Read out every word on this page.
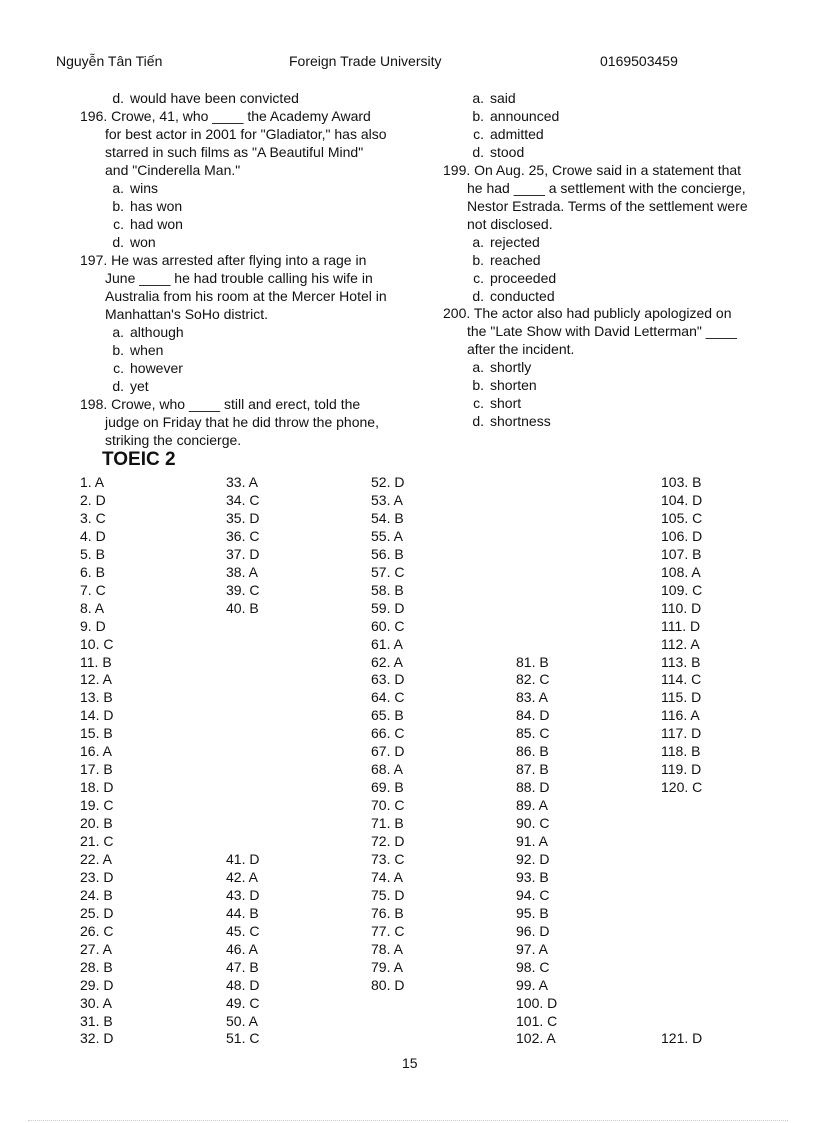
Nguyễn Tân Tiến	Foreign Trade University	0169503459
d. would have been convicted
196. Crowe, 41, who ____ the Academy Award
for best actor in 2001 for "Gladiator," has also
starred in such films as "A Beautiful Mind"
and "Cinderella Man."
a. wins
b. has won
c. had won
d. won
197. He was arrested after flying into a rage in
June ____ he had trouble calling his wife in
Australia from his room at the Mercer Hotel in
Manhattan's SoHo district.
a. although
b. when
c. however
d. yet
198. Crowe, who ____ still and erect, told the
judge on Friday that he did throw the phone,
striking the concierge.
a. said
b. announced
c. admitted
d. stood
199. On Aug. 25, Crowe said in a statement that
he had ____ a settlement with the concierge,
Nestor Estrada. Terms of the settlement were
not disclosed.
a. rejected
b. reached
c. proceeded
d. conducted
200. The actor also had publicly apologized on
the "Late Show with David Letterman" ____
after the incident.
a. shortly
b. shorten
c. short
d. shortness
TOEIC 2
1. A
2. D
3. C
4. D
5. B
6. B
7. C
8. A
9. D
10. C
11. B
12. A
13. B
14. D
15. B
16. A
17. B
18. D
19. C
20. B
21. C
22. A
23. D
24. B
25. D
26. C
27. A
28. B
29. D
30. A
31. B
32. D
33. A
34. C
35. D
36. C
37. D
38. A
39. C
40. B
41. D
42. A
43. D
44. B
45. C
46. A
47. B
48. D
49. C
50. A
51. C
52. D
53. A
54. B
55. A
56. B
57. C
58. B
59. D
60. C
61. A
62. A
63. D
64. C
65. B
66. C
67. D
68. A
69. B
70. C
71. B
72. D
73. C
74. A
75. D
76. B
77. C
78. A
79. A
80. D
81. B
82. C
83. A
84. D
85. C
86. B
87. B
88. D
89. A
90. C
91. A
92. D
93. B
94. C
95. B
96. D
97. A
98. C
99. A
100. D
101. C
102. A
103. B
104. D
105. C
106. D
107. B
108. A
109. C
110. D
111. D
112. A
113. B
114. C
115. D
116. A
117. D
118. B
119. D
120. C
121. D
15
